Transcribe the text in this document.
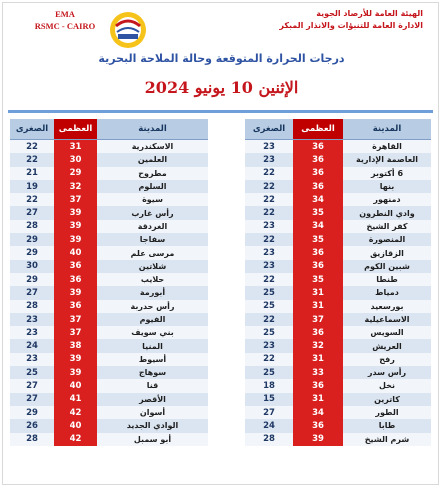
EMA
RSMC - CAIRO
الهيئة العامة للأرصاد الجوية
الادارة العامة للتنبؤات والانذار المبكر
درجات الحرارة المتوقعة وحالة الملاحة البحرية
الإثنين 10 يونيو 2024
الصغرى	العظمى	المدينة
22	31	الاسكندرية
22	30	العلمين
21	29	مطروح
19	32	السلوم
22	37	سيوة
27	39	رأس غارب
28	39	الغردقة
29	39	سفاجا
29	40	مرسى علم
30	36	شلاتين
29	36	حلايب
27	39	أبورمة
28	36	رأس حدربة
23	37	الفيوم
23	37	بني سويف
24	38	المنيا
23	39	أسيوط
25	39	سوهاج
27	40	قنا
27	41	الأقصر
29	42	أسوان
26	40	الوادي الجديد
28	42	أبو سمبل
الصغرى	العظمى	المدينة
23	36	القاهرة
23	36	العاصمة الإدارية
22	36	6 أكتوبر
22	36	بنها
22	34	دمنهور
22	35	وادي النطرون
23	34	كفر الشيخ
22	35	المنصورة
23	36	الزقازيق
23	36	شبين الكوم
22	35	طنطا
25	31	دمياط
25	31	بورسعيد
22	37	الاسماعيلية
25	36	السويس
23	32	العريش
22	31	رفح
25	33	رأس سدر
18	36	نخل
15	31	كاترين
27	34	الطور
24	36	طابا
28	39	شرم الشيخ
